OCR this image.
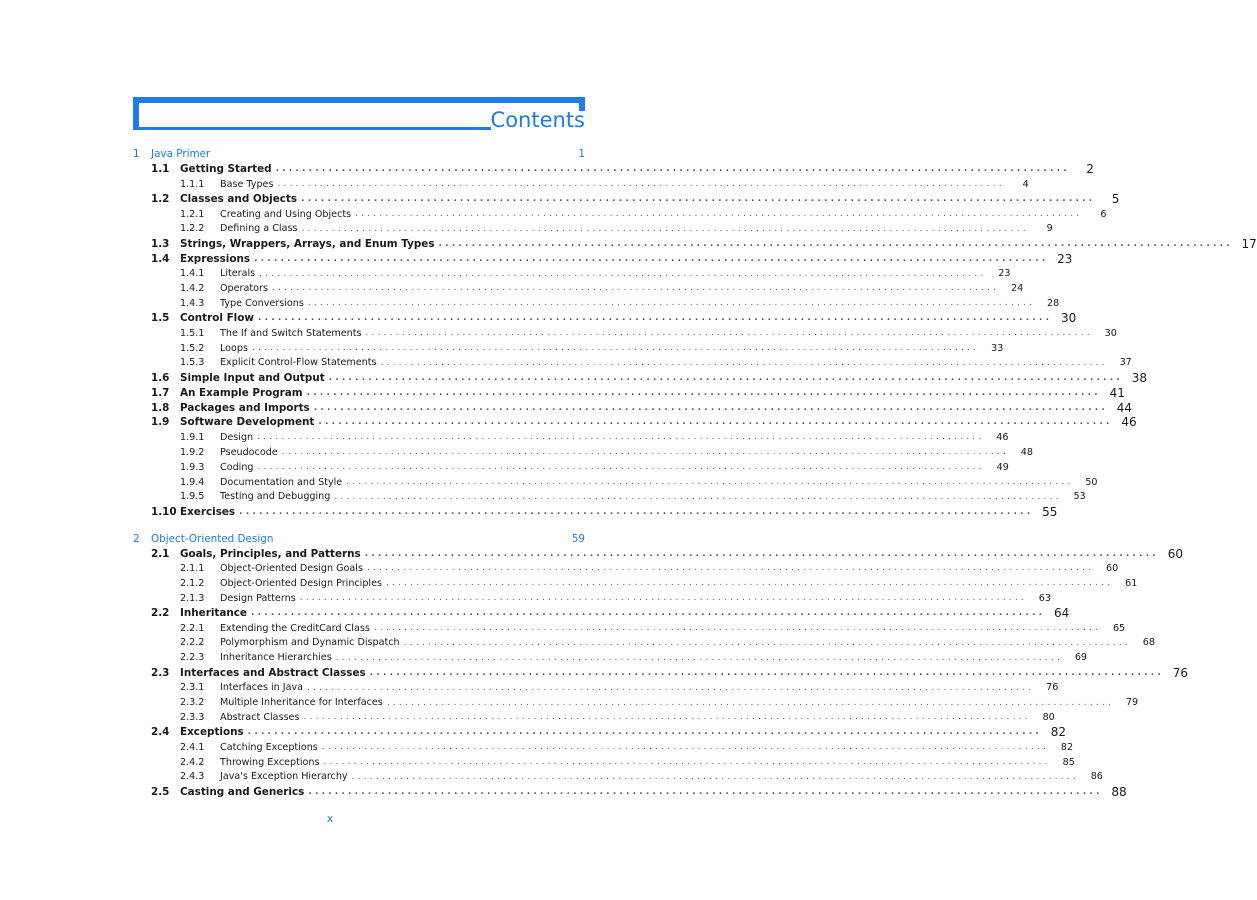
Contents
1	Java Primer	1
1.1	Getting Started ........................................................................................................................	2
1.1.1	Base Types ........................................................................................................................	4
1.2	Classes and Objects ........................................................................................................................	5
1.2.1	Creating and Using Objects ........................................................................................................................	6
1.2.2	Defining a Class ........................................................................................................................	9
1.3	Strings, Wrappers, Arrays, and Enum Types ........................................................................................................................ 17
1.4	Expressions ........................................................................................................................ 23
1.4.1	Literals ........................................................................................................................	23
1.4.2	Operators ........................................................................................................................	24
1.4.3	Type Conversions ........................................................................................................................	28
1.5	Control Flow ........................................................................................................................ 30
1.5.1	The If and Switch Statements ........................................................................................................................	30
1.5.2	Loops ........................................................................................................................	33
1.5.3	Explicit Control-Flow Statements ........................................................................................................................	37
1.6	Simple Input and Output ........................................................................................................................ 38
1.7	An Example Program ........................................................................................................................ 41
1.8	Packages and Imports ........................................................................................................................ 44
1.9	Software Development ........................................................................................................................ 46
1.9.1	Design ........................................................................................................................	46
1.9.2	Pseudocode ........................................................................................................................	48
1.9.3	Coding ........................................................................................................................	49
1.9.4	Documentation and Style ........................................................................................................................	50
1.9.5	Testing and Debugging ........................................................................................................................	53
1.10 Exercises ........................................................................................................................ 55
2	Object-Oriented Design	59
2.1	Goals, Principles, and Patterns ........................................................................................................................ 60
2.1.1	Object-Oriented Design Goals ........................................................................................................................	60
2.1.2	Object-Oriented Design Principles ........................................................................................................................	61
2.1.3	Design Patterns ........................................................................................................................	63
2.2	Inheritance ........................................................................................................................ 64
2.2.1	Extending the CreditCard Class ........................................................................................................................	65
2.2.2	Polymorphism and Dynamic Dispatch ........................................................................................................................	68
2.2.3	Inheritance Hierarchies ........................................................................................................................	69
2.3	Interfaces and Abstract Classes ........................................................................................................................ 76
2.3.1	Interfaces in Java ........................................................................................................................	76
2.3.2	Multiple Inheritance for Interfaces ........................................................................................................................	79
2.3.3	Abstract Classes ........................................................................................................................	80
2.4	Exceptions ........................................................................................................................ 82
2.4.1	Catching Exceptions ........................................................................................................................	82
2.4.2	Throwing Exceptions ........................................................................................................................	85
2.4.3	Java's Exception Hierarchy ........................................................................................................................	86
2.5	Casting and Generics ........................................................................................................................ 88
x
